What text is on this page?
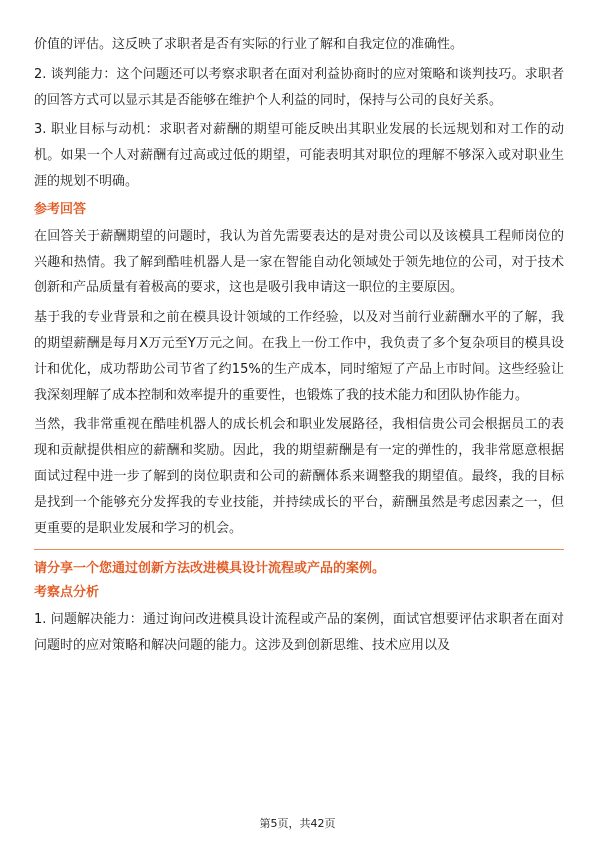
价值的评估。这反映了求职者是否有实际的行业了解和自我定位的准确性。

2. 谈判能力：这个问题还可以考察求职者在面对利益协商时的应对策略和谈判技巧。求职者的回答方式可以显示其是否能够在维护个人利益的同时，保持与公司的良好关系。

3. 职业目标与动机：求职者对薪酬的期望可能反映出其职业发展的长远规划和对工作的动机。如果一个人对薪酬有过高或过低的期望，可能表明其对职位的理解不够深入或对职业生涯的规划不明确。

参考回答

在回答关于薪酬期望的问题时，我认为首先需要表达的是对贵公司以及该模具工程师岗位的兴趣和热情。我了解到酷哇机器人是一家在智能自动化领域处于领先地位的公司，对于技术创新和产品质量有着极高的要求，这也是吸引我申请这一职位的主要原因。

基于我的专业背景和之前在模具设计领域的工作经验，以及对当前行业薪酬水平的了解，我的期望薪酬是每月X万元至Y万元之间。在我上一份工作中，我负责了多个复杂项目的模具设计和优化，成功帮助公司节省了约15%的生产成本，同时缩短了产品上市时间。这些经验让我深刻理解了成本控制和效率提升的重要性，也锻炼了我的技术能力和团队协作能力。

当然，我非常重视在酷哇机器人的成长机会和职业发展路径，我相信贵公司会根据员工的表现和贡献提供相应的薪酬和奖励。因此，我的期望薪酬是有一定的弹性的，我非常愿意根据面试过程中进一步了解到的岗位职责和公司的薪酬体系来调整我的期望值。最终，我的目标是找到一个能够充分发挥我的专业技能，并持续成长的平台，薪酬虽然是考虑因素之一，但更重要的是职业发展和学习的机会。

请分享一个您通过创新方法改进模具设计流程或产品的案例。
考察点分析

1. 问题解决能力：通过询问改进模具设计流程或产品的案例，面试官想要评估求职者在面对问题时的应对策略和解决问题的能力。这涉及到创新思维、技术应用以及

第5页，共42页
